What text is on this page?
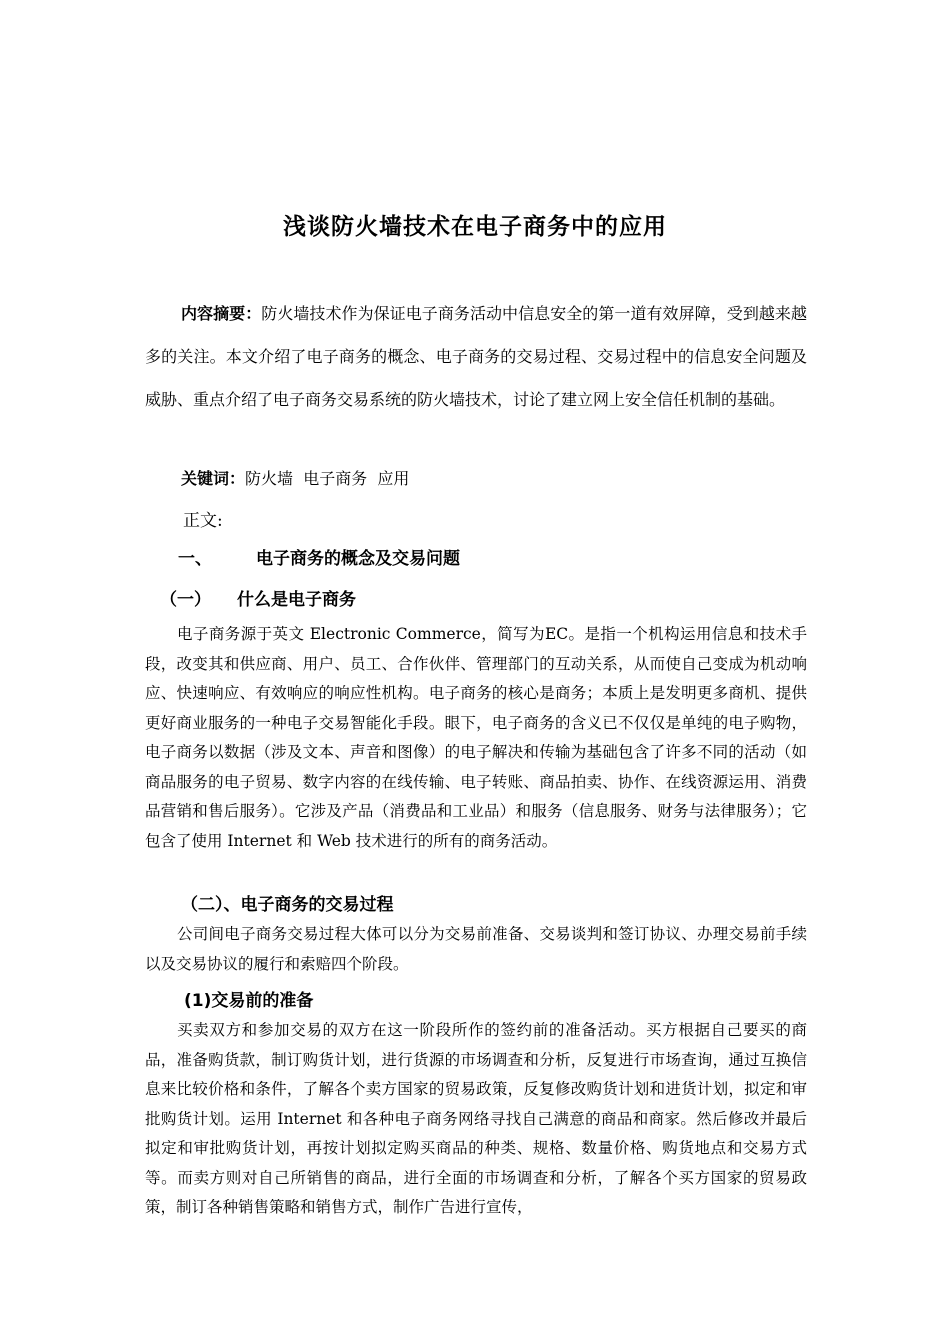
浅谈防火墙技术在电子商务中的应用
内容摘要：防火墙技术作为保证电子商务活动中信息安全的第一道有效屏障，受到越来越多的关注。本文介绍了电子商务的概念、电子商务的交易过程、交易过程中的信息安全问题及威胁、重点介绍了电子商务交易系统的防火墙技术，讨论了建立网上安全信任机制的基础。
关键词：防火墙  电子商务  应用
正文:
一、	电子商务的概念及交易问题
（一） 什么是电子商务
电子商务源于英文 Electronic Commerce，简写为EC。是指一个机构运用信息和技术手段，改变其和供应商、用户、员工、合作伙伴、管理部门的互动关系，从而使自己变成为机动响应、快速响应、有效响应的响应性机构。电子商务的核心是商务；本质上是发明更多商机、提供更好商业服务的一种电子交易智能化手段。眼下，电子商务的含义已不仅仅是单纯的电子购物，电子商务以数据（涉及文本、声音和图像）的电子解决和传输为基础包含了许多不同的活动（如商品服务的电子贸易、数字内容的在线传输、电子转账、商品拍卖、协作、在线资源运用、消费品营销和售后服务）。它涉及产品（消费品和工业品）和服务（信息服务、财务与法律服务）；它包含了使用 Internet 和 Web 技术进行的所有的商务活动。
（二）、电子商务的交易过程
公司间电子商务交易过程大体可以分为交易前准备、交易谈判和签订协议、办理交易前手续以及交易协议的履行和索赔四个阶段。
(1)交易前的准备
买卖双方和参加交易的双方在这一阶段所作的签约前的准备活动。买方根据自己要买的商品，准备购货款，制订购货计划，进行货源的市场调查和分析，反复进行市场查询，通过互换信息来比较价格和条件，了解各个卖方国家的贸易政策，反复修改购货计划和进货计划，拟定和审批购货计划。运用 Internet 和各种电子商务网络寻找自己满意的商品和商家。然后修改并最后拟定和审批购货计划，再按计划拟定购买商品的种类、规格、数量价格、购货地点和交易方式等。而卖方则对自己所销售的商品，进行全面的市场调查和分析，了解各个买方国家的贸易政策，制订各种销售策略和销售方式，制作广告进行宣传，
